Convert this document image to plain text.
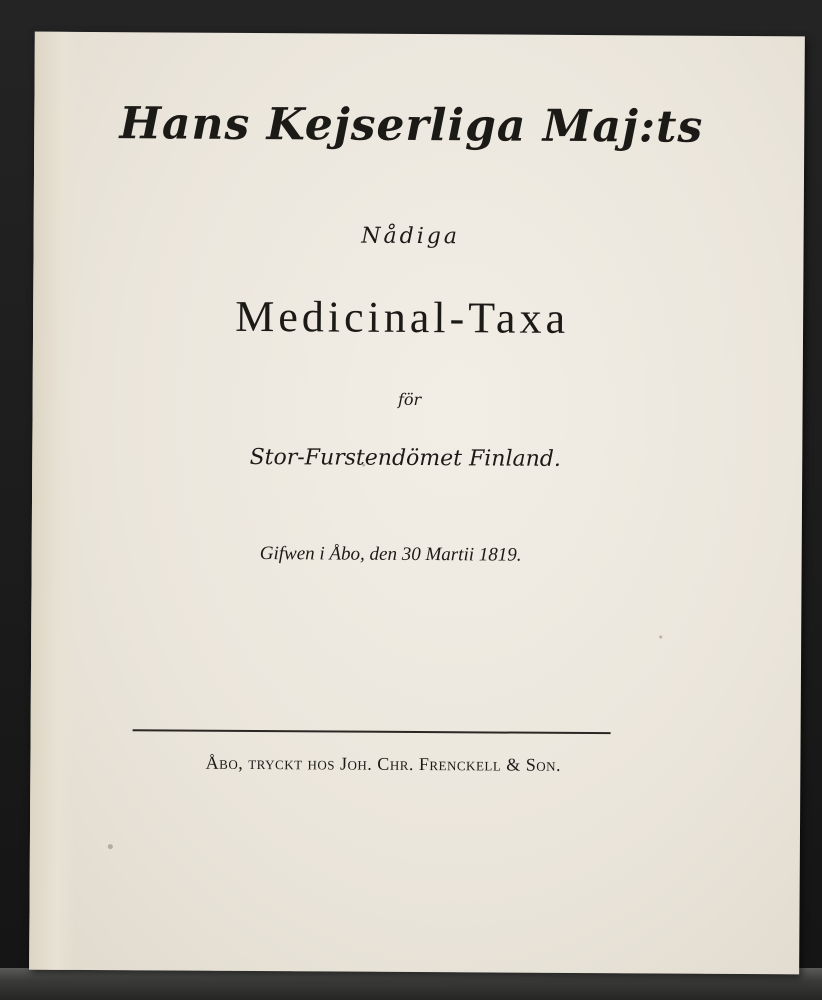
Hans Kejserliga Maj:ts
Nådiga
Medicinal-Taxa
för
Stor-Furstendömet Finland.
Gifwen i Åbo, den 30 Martii 1819.
Åbo, tryckt hos Joh. Chr. Frenckell & Son.
